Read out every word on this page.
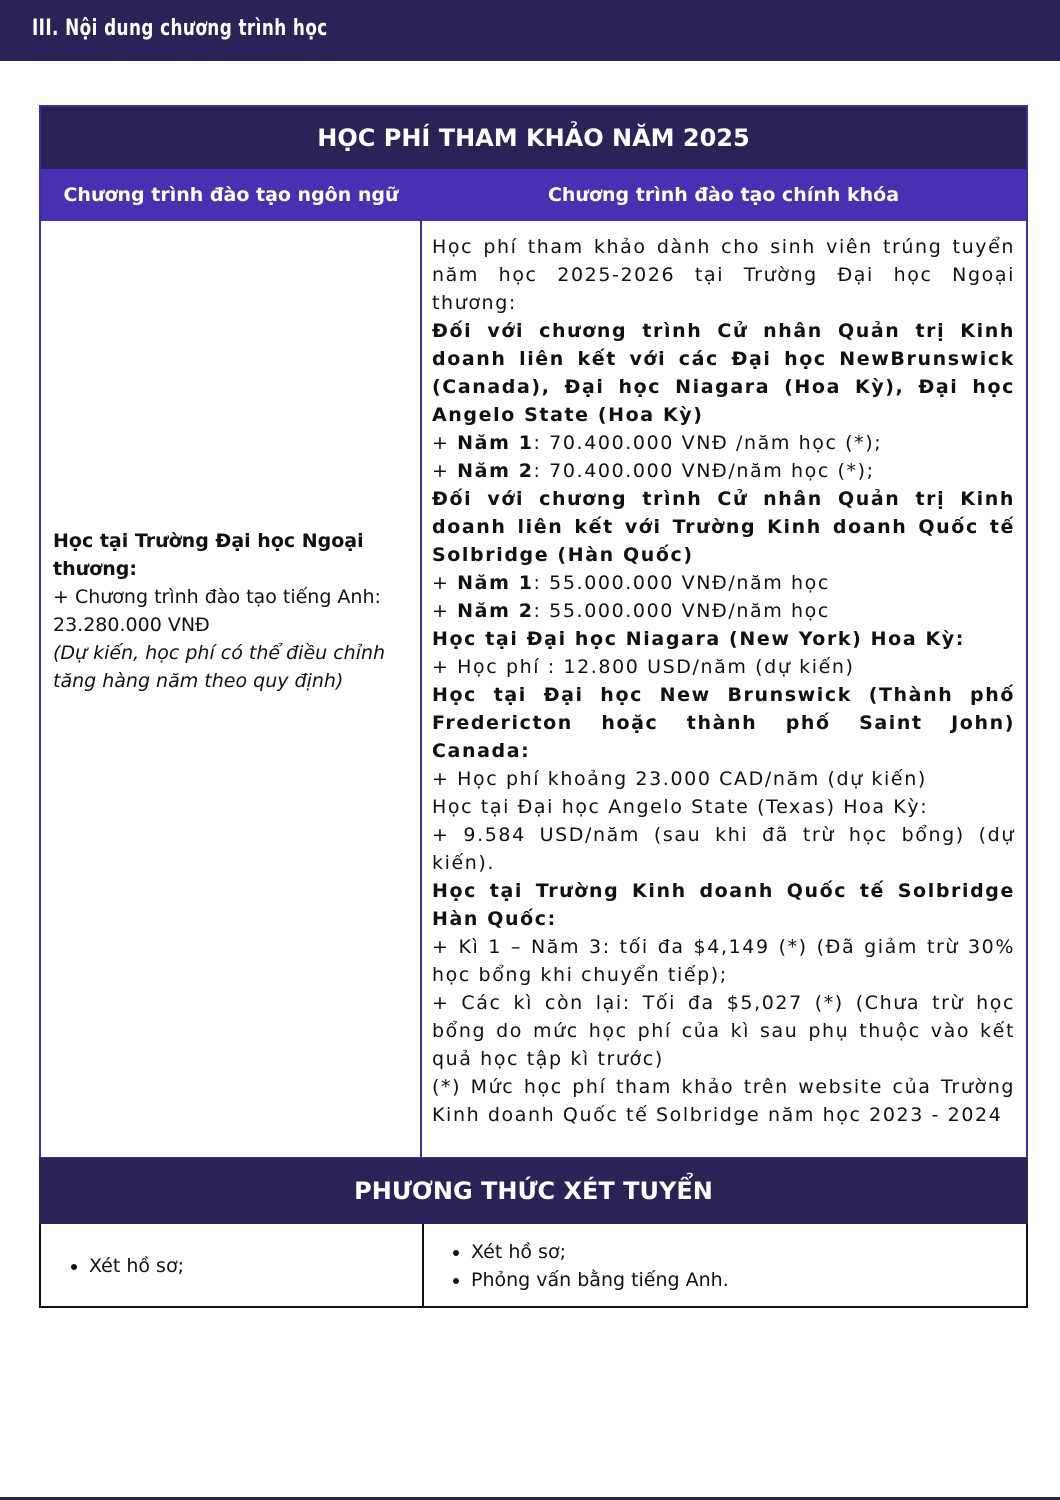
III. Nội dung chương trình học
HỌC PHÍ THAM KHẢO NĂM 2025
Chương trình đào tạo ngôn ngữ	Chương trình đào tạo chính khóa
Học tại Trường Đại học Ngoại thương:
+ Chương trình đào tạo tiếng Anh: 23.280.000 VNĐ
(Dự kiến, học phí có thể điều chỉnh tăng hàng năm theo quy định)

Học phí tham khảo dành cho sinh viên trúng tuyển năm học 2025-2026 tại Trường Đại học Ngoại thương:

Đối với chương trình Cử nhân Quản trị Kinh doanh liên kết với các Đại học NewBrunswick (Canada), Đại học Niagara (Hoa Kỳ), Đại học Angelo State (Hoa Kỳ)

+ Năm 1: 70.400.000 VNĐ /năm học (*);

+ Năm 2: 70.400.000 VNĐ/năm học (*);

Đối với chương trình Cử nhân Quản trị Kinh doanh liên kết với Trường Kinh doanh Quốc tế Solbridge (Hàn Quốc)

+ Năm 1: 55.000.000 VNĐ/năm học

+ Năm 2: 55.000.000 VNĐ/năm học

Học tại Đại học Niagara (New York) Hoa Kỳ:

+ Học phí : 12.800 USD/năm (dự kiến)

Học tại Đại học New Brunswick (Thành phố Fredericton hoặc thành phố Saint John) Canada:

+ Học phí khoảng 23.000 CAD/năm (dự kiến)

Học tại Đại học Angelo State (Texas) Hoa Kỳ:

+ 9.584 USD/năm (sau khi đã trừ học bổng) (dự kiến).

Học tại Trường Kinh doanh Quốc tế Solbridge Hàn Quốc:

+ Kì 1 – Năm 3: tối đa $4,149 (*) (Đã giảm trừ 30% học bổng khi chuyển tiếp);

+ Các kì còn lại: Tối đa $5,027 (*) (Chưa trừ học bổng do mức học phí của kì sau phụ thuộc vào kết quả học tập kì trước)

(*) Mức học phí tham khảo trên website của Trường Kinh doanh Quốc tế Solbridge năm học 2023 - 2024

PHƯƠNG THỨC XÉT TUYỂN
• Xét hồ sơ;
• Xét hồ sơ;
• Phỏng vấn bằng tiếng Anh.
